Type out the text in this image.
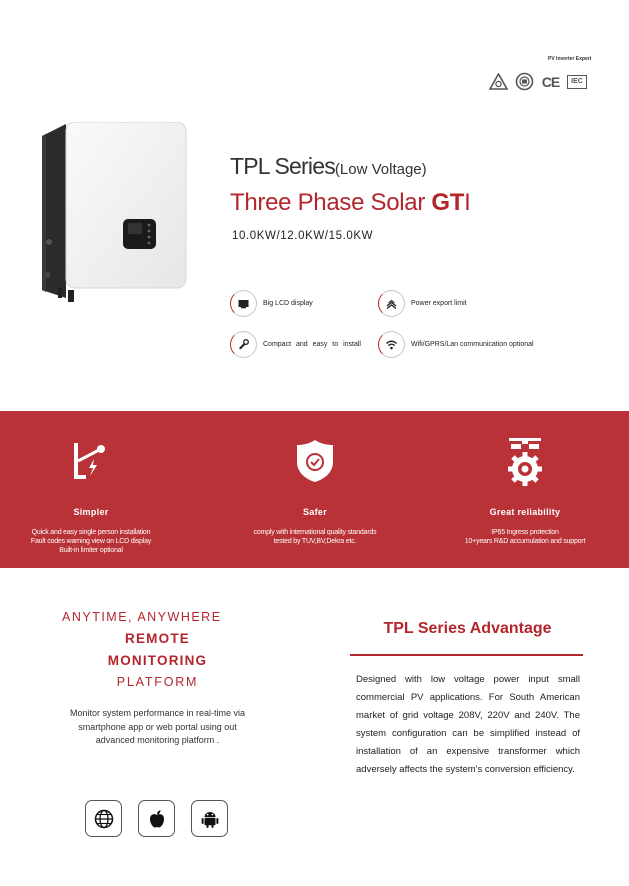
PV Inverter Expert
CE	IEC
TPL Series(Low Voltage)
Three Phase Solar GTI
10.0KW/12.0KW/15.0KW
Big LCD display	Power export limit
Compact and easy to install	Wifi/GPRS/Lan communication optional
Simpler
Quick and easy single person installation
Fault codes warning view on LCD display
Built-in limiter optional
Safer
comply with international quality standards
tested by TUV,BV,Dekra etc.
Great reliability
IP65 Ingress protection
10+years R&D accumulation and support
ANYTIME, ANYWHERE
REMOTE
MONITORING
PLATFORM
Monitor system performance in real-time via smartphone app or web portal using out advanced monitoring platform .
TPL Series Advantage
Designed with low voltage power input small commercial PV applications. For South American market of grid voltage 208V, 220V and 240V. The system configuration can be simplified instead of installation of an expensive transformer which adversely affects the system's conversion efficiency.
